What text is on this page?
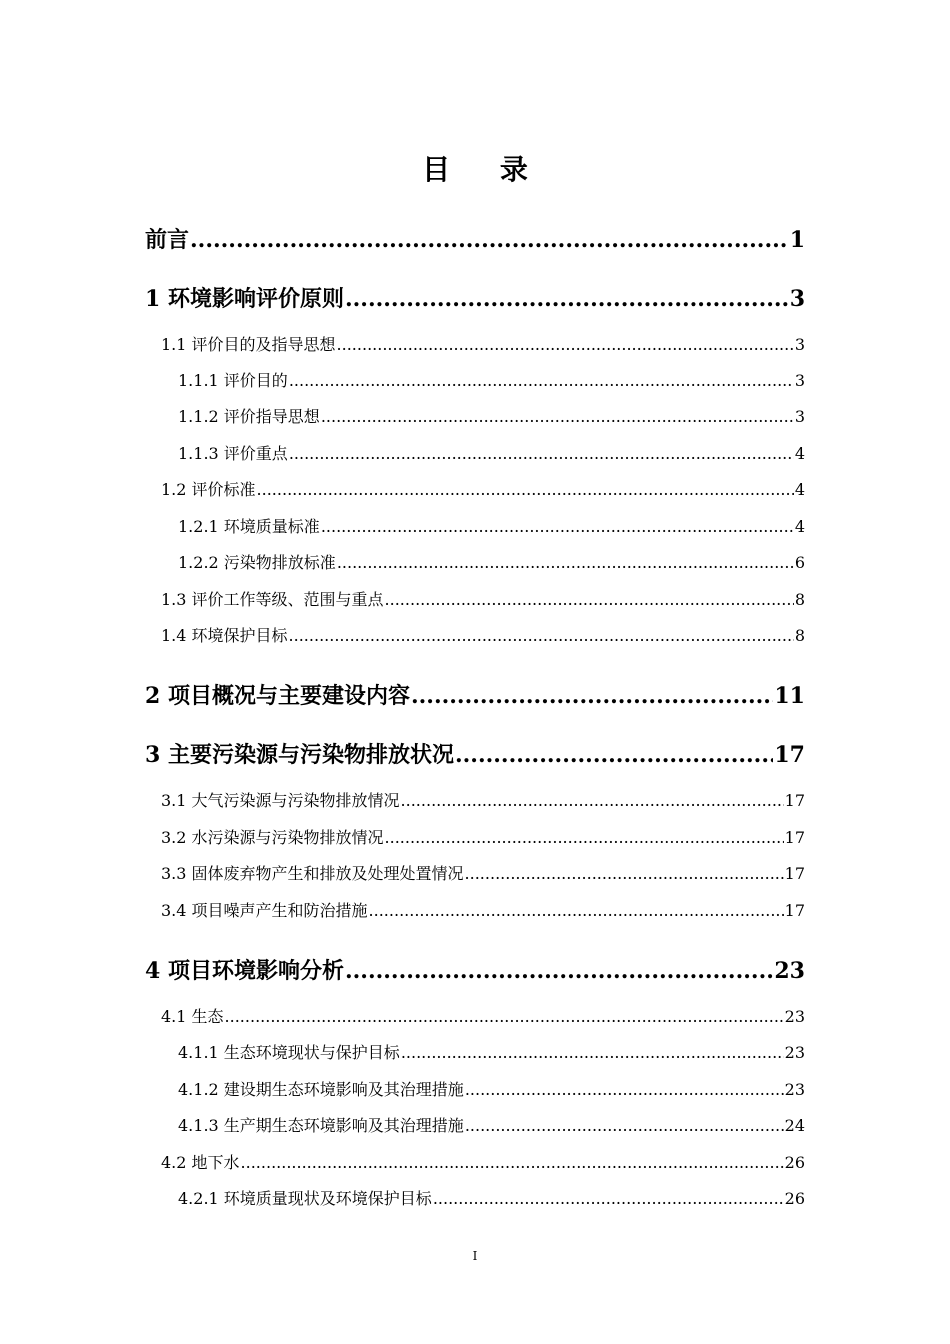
目 录
前言 .....	1
1 环境影响评价原则 .....	3
1.1 评价目的及指导思想 .....	3
1.1.1 评价目的 .....	3
1.1.2 评价指导思想 .....	3
1.1.3 评价重点 .....	4
1.2 评价标准 .....	4
1.2.1 环境质量标准 .....	4
1.2.2 污染物排放标准 .....	6
1.3 评价工作等级、范围与重点 .....	8
1.4 环境保护目标 .....	8
2 项目概况与主要建设内容 .....	11
3 主要污染源与污染物排放状况 .....	17
3.1 大气污染源与污染物排放情况 .....	17
3.2 水污染源与污染物排放情况 .....	17
3.3 固体废弃物产生和排放及处理处置情况 .....	17
3.4 项目噪声产生和防治措施 .....	17
4 项目环境影响分析 .....	23
4.1 生态 .....	23
4.1.1 生态环境现状与保护目标 .....	23
4.1.2 建设期生态环境影响及其治理措施 .....	23
4.1.3 生产期生态环境影响及其治理措施 .....	24
4.2 地下水 .....	26
4.2.1 环境质量现状及环境保护目标 .....	26
I
